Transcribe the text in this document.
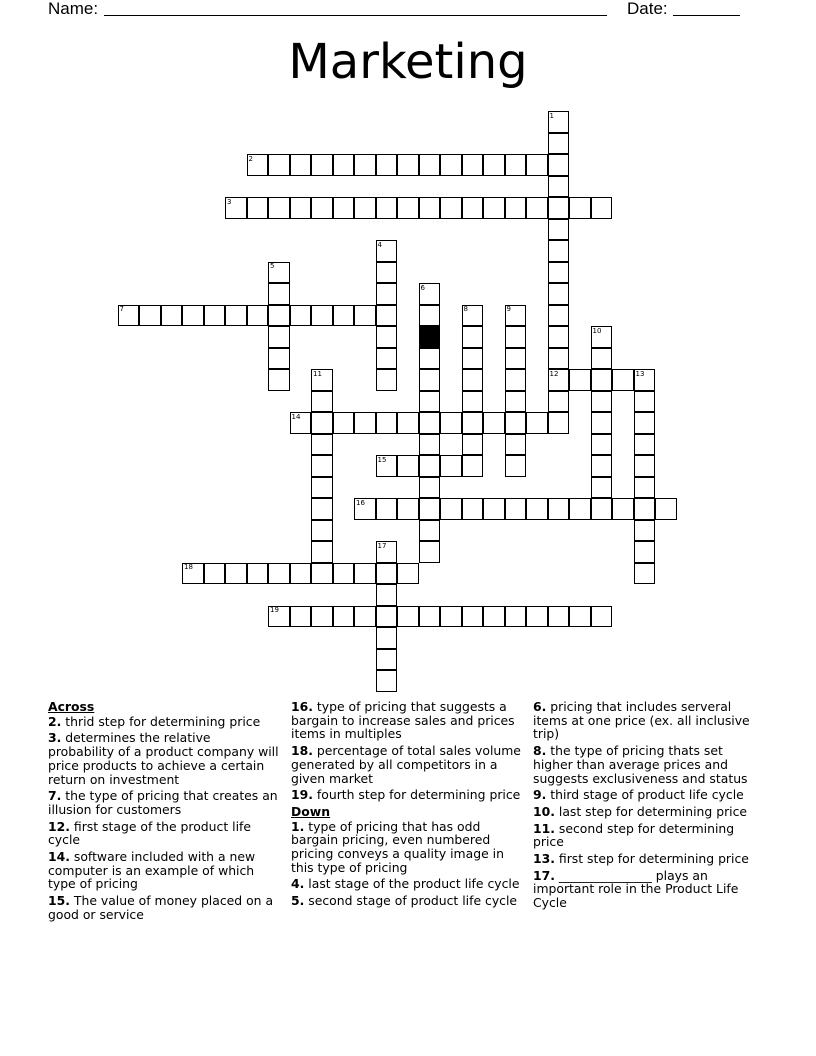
Name:	Date:
Marketing
1
2
3
4
5
6
7	8	9
10
11	12	13
14
15
16
17
18
19
Across
2. thrid step for determining price
3. determines the relative probability of a product company will price products to achieve a certain return on investment
7. the type of pricing that creates an illusion for customers
12. first stage of the product life cycle
14. software included with a new computer is an example of which type of pricing
15. The value of money placed on a good or service
16. type of pricing that suggests a bargain to increase sales and prices items in multiples
18. percentage of total sales volume generated by all competitors in a given market
19. fourth step for determining price
Down
1. type of pricing that has odd bargain pricing, even numbered pricing conveys a quality image in this type of pricing
4. last stage of the product life cycle
5. second stage of product life cycle
6. pricing that includes serveral items at one price (ex. all inclusive trip)
8. the type of pricing thats set higher than average prices and suggests exclusiveness and status
9. third stage of product life cycle
10. last step for determining price
11. second step for determining price
13. first step for determining price
17. _______________ plays an important role in the Product Life Cycle
